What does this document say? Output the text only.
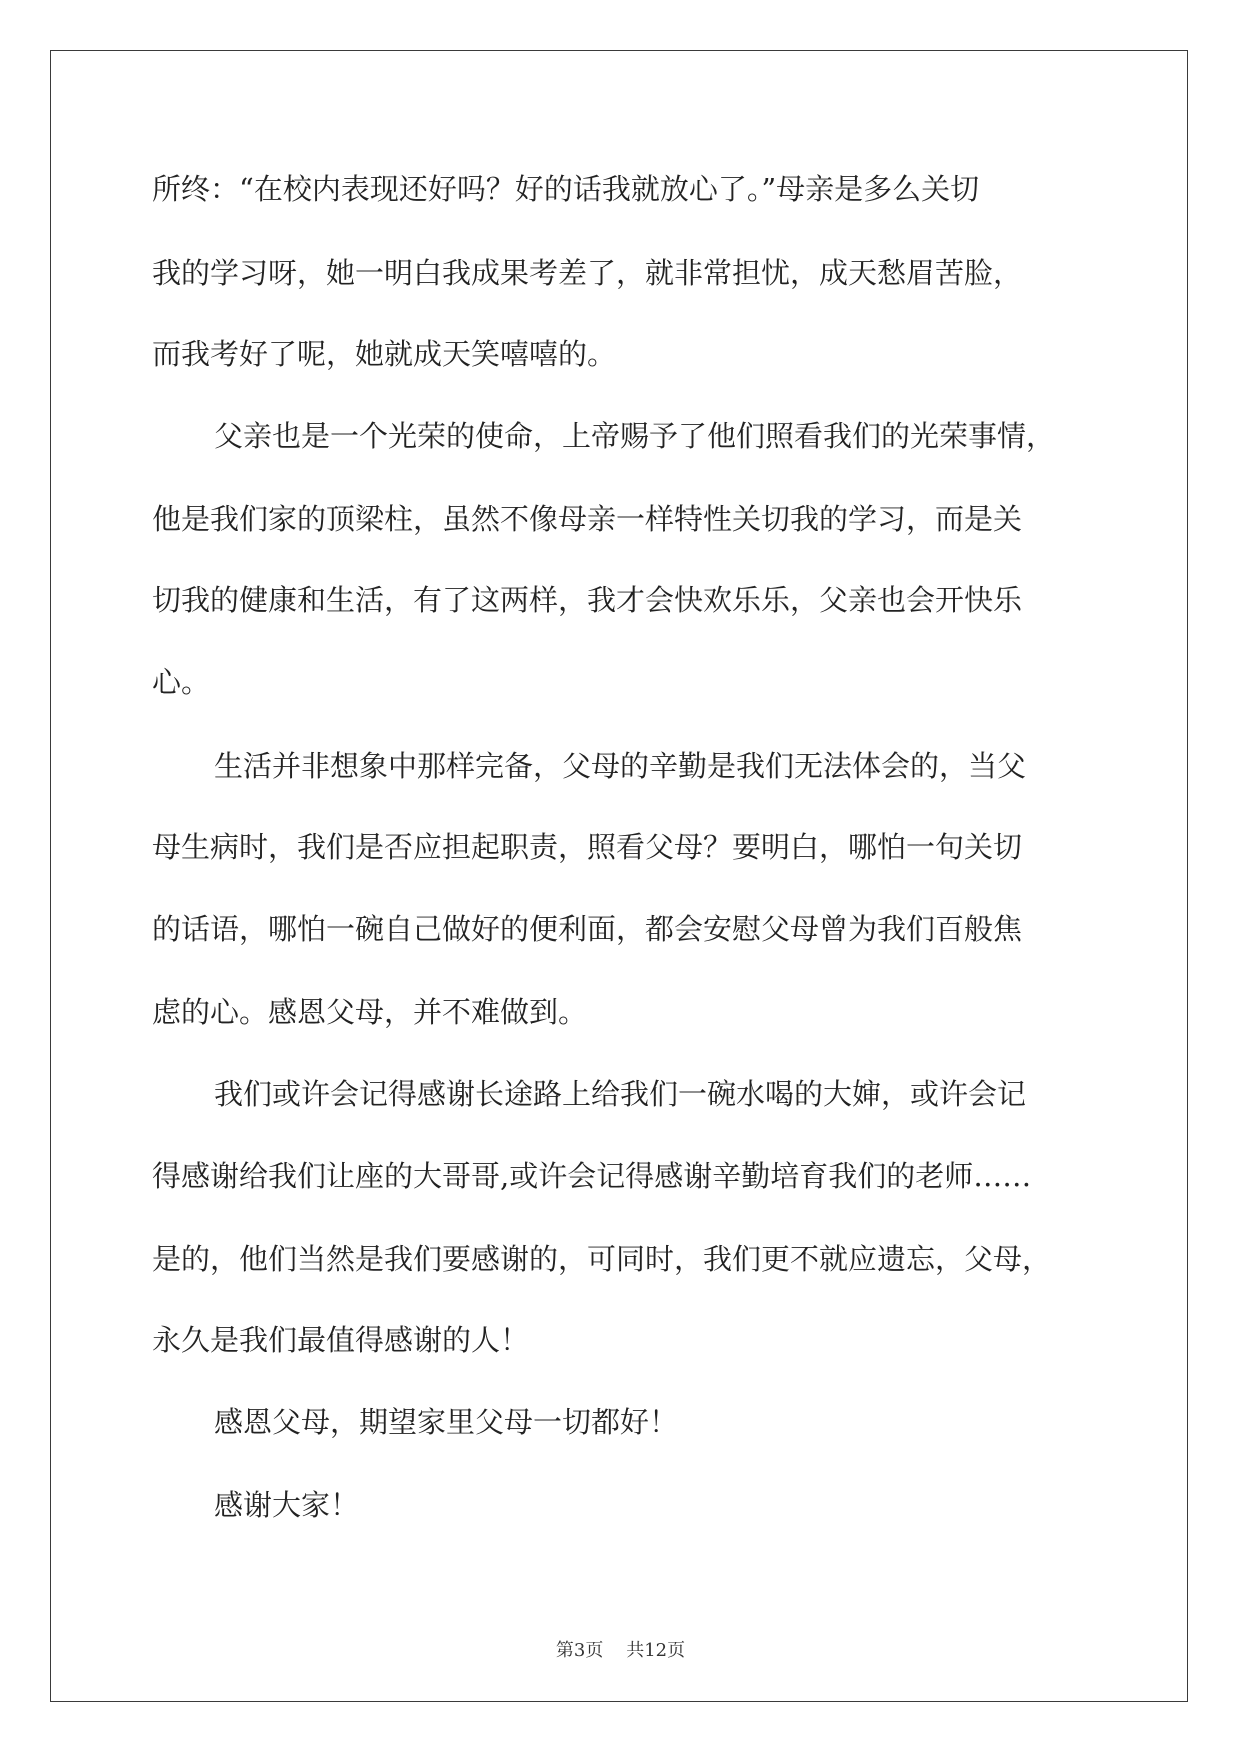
所终：“在校内表现还好吗？好的话我就放心了。”母亲是多么关切

我的学习呀，她一明白我成果考差了，就非常担忧，成天愁眉苦脸，

而我考好了呢，她就成天笑嘻嘻的。

父亲也是一个光荣的使命，上帝赐予了他们照看我们的光荣事情，

他是我们家的顶梁柱，虽然不像母亲一样特性关切我的学习，而是关

切我的健康和生活，有了这两样，我才会快欢乐乐，父亲也会开快乐

心。

生活并非想象中那样完备，父母的辛勤是我们无法体会的，当父

母生病时，我们是否应担起职责，照看父母？要明白，哪怕一句关切

的话语，哪怕一碗自己做好的便利面，都会安慰父母曾为我们百般焦

虑的心。感恩父母，并不难做到。

我们或许会记得感谢长途路上给我们一碗水喝的大婶，或许会记

得感谢给我们让座的大哥哥,或许会记得感谢辛勤培育我们的老师……

是的，他们当然是我们要感谢的，可同时，我们更不就应遗忘，父母，

永久是我们最值得感谢的人！

感恩父母，期望家里父母一切都好！

感谢大家！

第3页    共12页
